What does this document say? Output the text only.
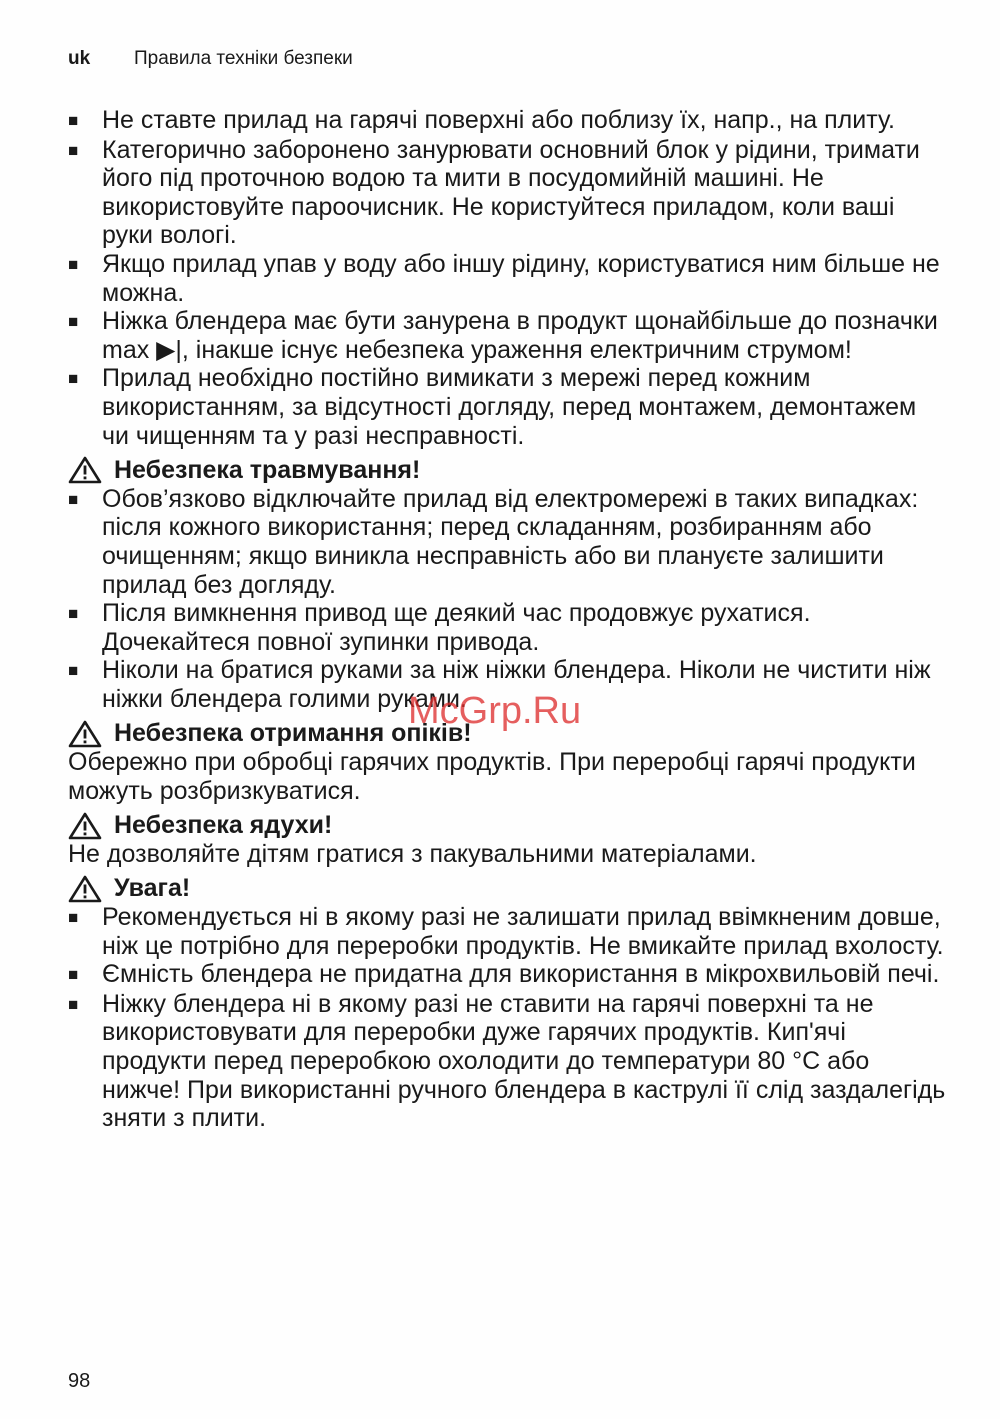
uk	Правила техніки безпеки
■ Не ставте прилад на гарячі поверхні або поблизу їх, напр., на плиту.
■ Категорично заборонено занурювати основний блок у рідини, тримати його під проточною водою та мити в посудомийній машині. Не використовуйте пароочисник. Не користуйтеся приладом, коли ваші руки вологі.
■ Якщо прилад упав у воду або іншу рідину, користуватися ним більше не можна.
■ Ніжка блендера має бути занурена в продукт щонайбільше до позначки max ▶|, інакше існує небезпека ураження електричним струмом!
■ Прилад необхідно постійно вимикати з мережі перед кожним використанням, за відсутності догляду, перед монтажем, демонтажем чи чищенням та у разі несправності.
Небезпека травмування!
■ Обов’язково відключайте прилад від електромережі в таких випадках: після кожного використання; перед складанням, розбиранням або очищенням; якщо виникла несправність або ви плануєте залишити прилад без догляду.
■ Після вимкнення привод ще деякий час продовжує рухатися. Дочекайтеся повної зупинки привода.
■ Ніколи на братися руками за ніж ніжки блендера. Ніколи не чистити ніж ніжки блендера голими руками.
Небезпека отримання опіків!
Обережно при обробці гарячих продуктів. При переробці гарячі продукти можуть розбризкуватися.
Небезпека ядухи!
Не дозволяйте дітям гратися з пакувальними матеріалами.
Увага!
■ Рекомендується ні в якому разі не залишати прилад ввімкненим довше, ніж це потрібно для переробки продуктів. Не вмикайте прилад вхолосту.
■ Ємність блендера не придатна для використання в мікрохвильовій печі.
■ Ніжку блендера ні в якому разі не ставити на гарячі поверхні та не використовувати для переробки дуже гарячих продуктів. Кип'ячі продукти перед переробкою охолодити до температури 80 °C або нижче! При використанні ручного блендера в каструлі її слід заздалегідь зняти з плити.
McGrp.Ru
98
